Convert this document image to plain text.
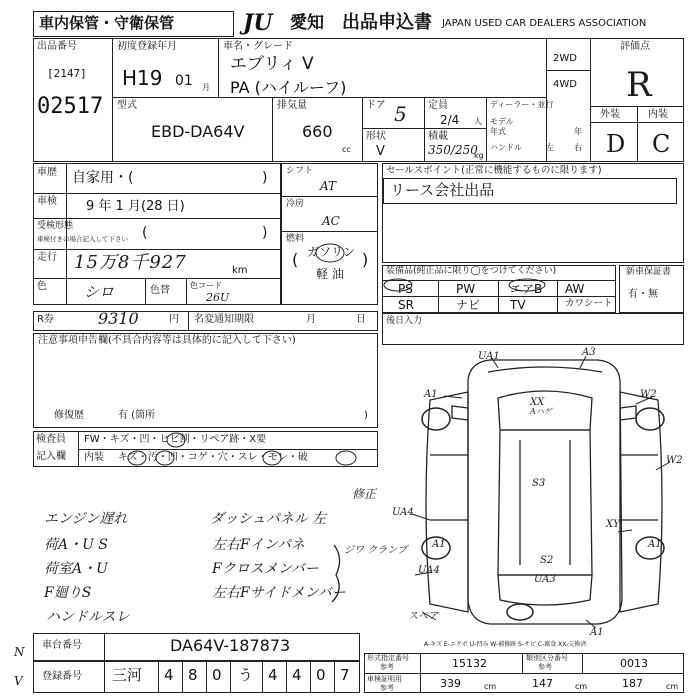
車内保管・守衛保管	JU 愛知 出品申込書 JAPAN USED CAR DEALERS ASSOCIATION
出品番号
[2147]
02517
初度登録年月
H19 01 月
車名・グレード
エブリィ V
PA (ハイルーフ)
2WD
4WD
評価点
R
外装	内装
D C
型式
EBD-DA64V
排気量
660
cc
ドア 5
形状
V
定員
2/4 人
積載
350/250
kg
ディーラー・並行
モデル
年式	年
ハンドル	左	右
車歴 自家用・(	)
車検 9 年 1 月(28 日)
受検形態
車検付きの場合記入して下さい (	)
走行 15万8千927	km
色 シロ	色替	色コード
26U
シフト
AT
冷房
AC
燃料
( ガソリン
軽 油
)
セールスポイント(正常に機能するものに限ります)
リース会社出品
装備品(純正品に限り◯をつけてください)
PS	PW	エアB AW
SR	ナビ TV	カワシート
新車保証書
有・無
R券	9310	円 名変通知期限	月	日 後日入力
注意事項申告欄(不具合内容等は具体的に記入して下さい)
修復歴	有 (箇所	)
検査員
記入欄
FW・キズ・凹・ヒビ割・リペア跡・X要
内装 キズ・汚・凹・コゲ・穴・スレ・モレ・破
エンジン遅れ	ダッシュパネル 左
荷A・U S	左右Fインパネ
荷室A・U	Fクロスメンバー
F廻りS	左右Fサイドメンバー
ハンドルスレ
修正
ジワ クランプ
UA1	A3
A1	W2
XX
Aハゲ
S3
W2
XY
UA4
UA4
S2
UA3
A1	A1
スペア
A1
A-キズ E-エクボ U-凹み W-補修跡 S-サビ C-腐食 XX-交換済
車台番号	DA64V-187873
登録番号 三河 4 8 0 う 4 4 0 7
形式指定番号
参考	15132	類別区分番号
参考	0013
車検証明用
参考	339	cm	147	cm	187	cm
N
V
